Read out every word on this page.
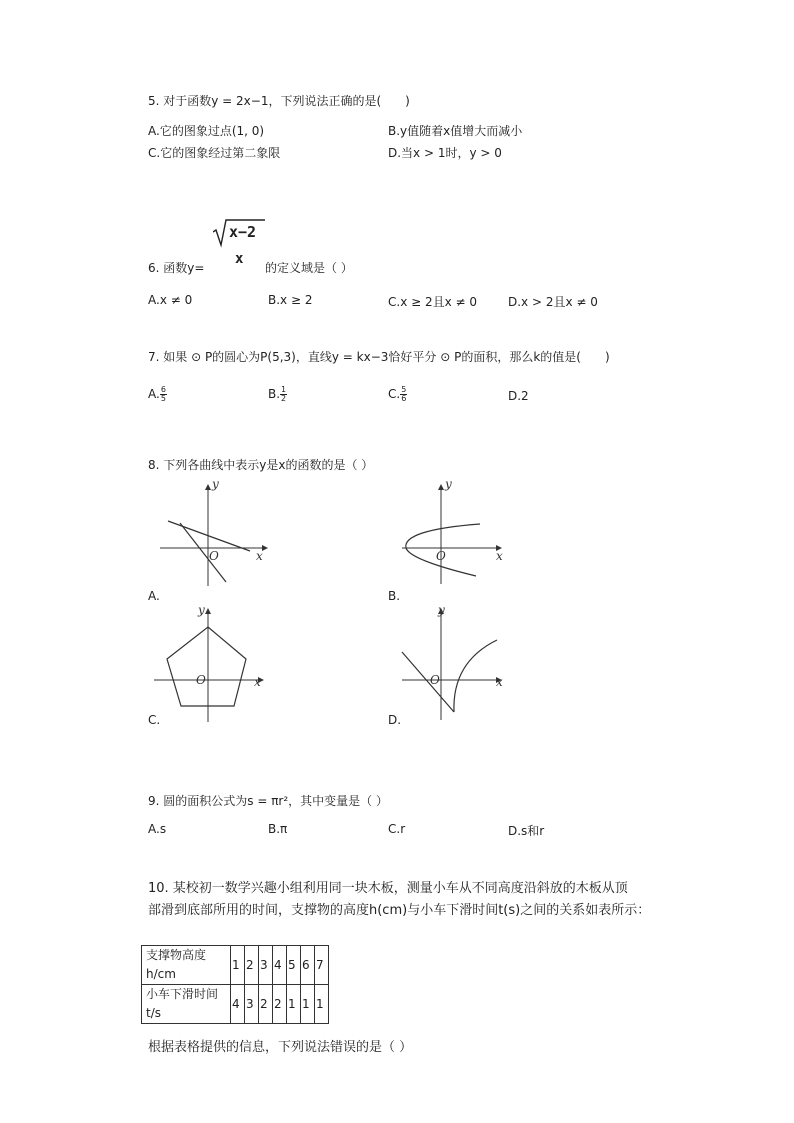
5. 对于函数y = 2x−1，下列说法正确的是(　　)
A.它的图象过点(1, 0)	B.y值随着x值增大而减小
C.它的图象经过第二象限	D.当x > 1时，y > 0
x−2
x
6. 函数y=	的定义域是（ ）
A.x ≠ 0	B.x ≥ 2	C.x ≥ 2且x ≠ 0	D.x > 2且x ≠ 0
7. 如果 ⊙ P的圆心为P(5,3)，直线y = kx−3恰好平分 ⊙ P的面积，那么k的值是(　　)
A. $\frac{6}{5}$	B. $\frac{1}{2}$	C. $\frac{5}{6}$	D.2
8. 下列各曲线中表示y是x的函数的是（ ）
y
x
O
A.
y
x
O
B.
y
x
O
C.
y
x
O
D.
9. 圆的面积公式为s = πr²，其中变量是（ ）
A.s	B.π	C.r	D.s和r
10. 某校初一数学兴趣小组利用同一块木板，测量小车从不同高度沿斜放的木板从顶
部滑到底部所用的时间，支撑物的高度h(cm)与小车下滑时间t(s)之间的关系如表所示：
支撑物高度h/cm	1	2	3	4	5	6	7
小车下滑时间t/s	4	3	2	2	1	1	1
根据表格提供的信息，下列说法错误的是（ ）
